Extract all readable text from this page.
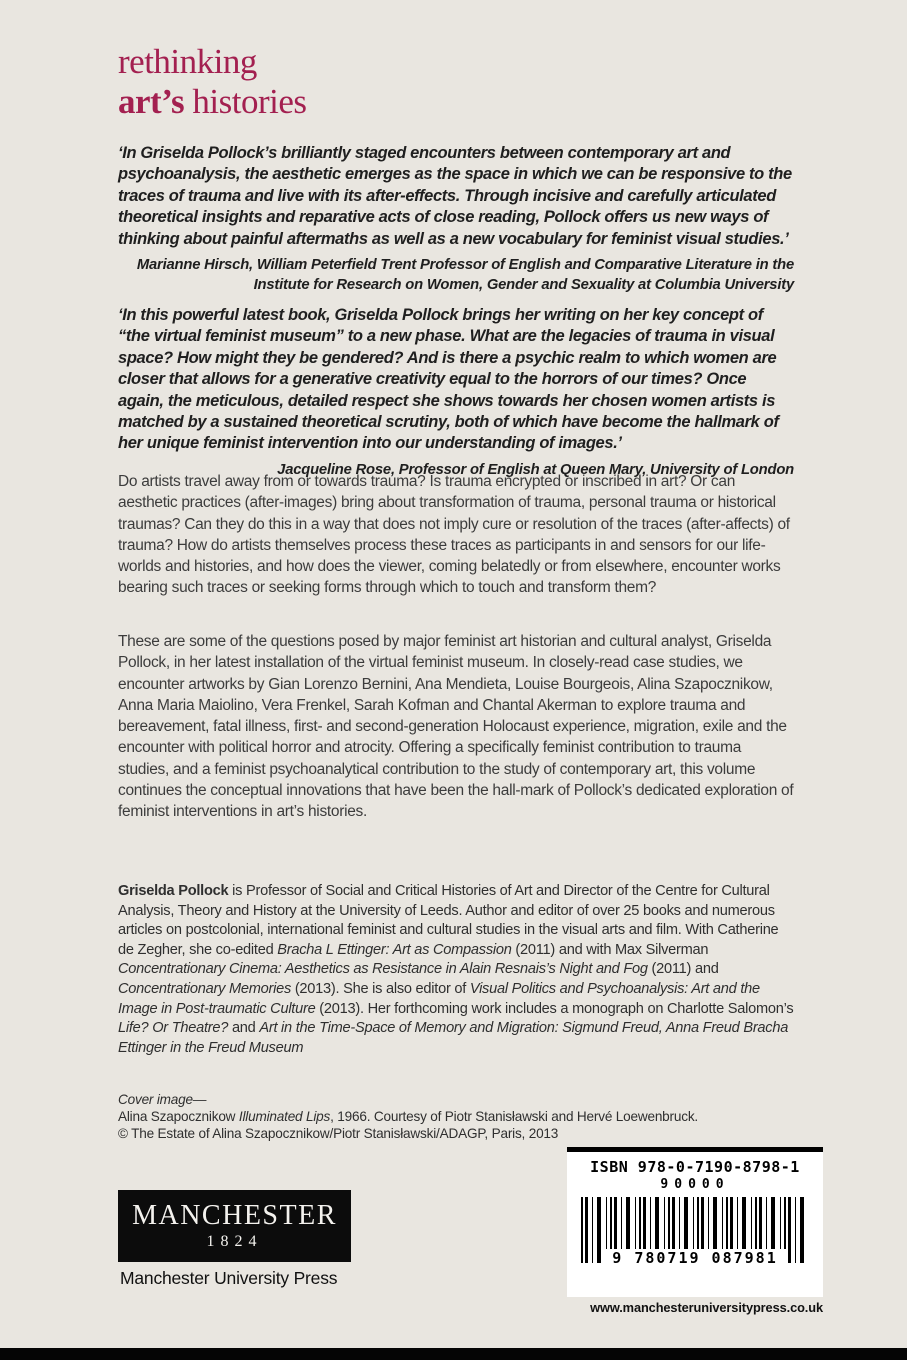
rethinking
art’s histories
‘In Griselda Pollock’s brilliantly staged encounters between contemporary art and psychoanalysis, the aesthetic emerges as the space in which we can be responsive to the traces of trauma and live with its after-effects. Through incisive and carefully articulated theoretical insights and reparative acts of close reading, Pollock offers us new ways of thinking about painful aftermaths as well as a new vocabulary for feminist visual studies.’
Marianne Hirsch, William Peterfield Trent Professor of English and Comparative Literature in the
Institute for Research on Women, Gender and Sexuality at Columbia University
‘In this powerful latest book, Griselda Pollock brings her writing on her key concept of “the virtual feminist museum” to a new phase. What are the legacies of trauma in visual space? How might they be gendered? And is there a psychic realm to which women are closer that allows for a generative creativity equal to the horrors of our times? Once again, the meticulous, detailed respect she shows towards her chosen women artists is matched by a sustained theoretical scrutiny, both of which have become the hallmark of her unique feminist intervention into our understanding of images.’
Jacqueline Rose, Professor of English at Queen Mary, University of London
Do artists travel away from or towards trauma? Is trauma encrypted or inscribed in art? Or can aesthetic practices (after-images) bring about transformation of trauma, personal trauma or historical traumas? Can they do this in a way that does not imply cure or resolution of the traces (after-affects) of trauma? How do artists themselves process these traces as participants in and sensors for our life-worlds and histories, and how does the viewer, coming belatedly or from elsewhere, encounter works bearing such traces or seeking forms through which to touch and transform them?
These are some of the questions posed by major feminist art historian and cultural analyst, Griselda Pollock, in her latest installation of the virtual feminist museum. In closely-read case studies, we encounter artworks by Gian Lorenzo Bernini, Ana Mendieta, Louise Bourgeois, Alina Szapocznikow, Anna Maria Maiolino, Vera Frenkel, Sarah Kofman and Chantal Akerman to explore trauma and bereavement, fatal illness, first- and second-generation Holocaust experience, migration, exile and the encounter with political horror and atrocity. Offering a specifically feminist contribution to trauma studies, and a feminist psychoanalytical contribution to the study of contemporary art, this volume continues the conceptual innovations that have been the hall-mark of Pollock’s dedicated exploration of feminist interventions in art’s histories.
Griselda Pollock is Professor of Social and Critical Histories of Art and Director of the Centre for Cultural Analysis, Theory and History at the University of Leeds. Author and editor of over 25 books and numerous articles on postcolonial, international feminist and cultural studies in the visual arts and film. With Catherine de Zegher, she co-edited Bracha L Ettinger: Art as Compassion (2011) and with Max Silverman Concentrationary Cinema: Aesthetics as Resistance in Alain Resnais’s Night and Fog (2011) and Concentrationary Memories (2013). She is also editor of Visual Politics and Psychoanalysis: Art and the Image in Post-traumatic Culture (2013). Her forthcoming work includes a monograph on Charlotte Salomon’s Life? Or Theatre? and Art in the Time-Space of Memory and Migration: Sigmund Freud, Anna Freud Bracha Ettinger in the Freud Museum
Cover image—
Alina Szapocznikow Illuminated Lips, 1966. Courtesy of Piotr Stanisławski and Hervé Loewenbruck.
© The Estate of Alina Szapocznikow/Piotr Stanisławski/ADAGP, Paris, 2013
MANCHESTER
1824
Manchester University Press
ISBN 978-0-7190-8798-1
90000
9 780719 087981
www.manchesteruniversitypress.co.uk
